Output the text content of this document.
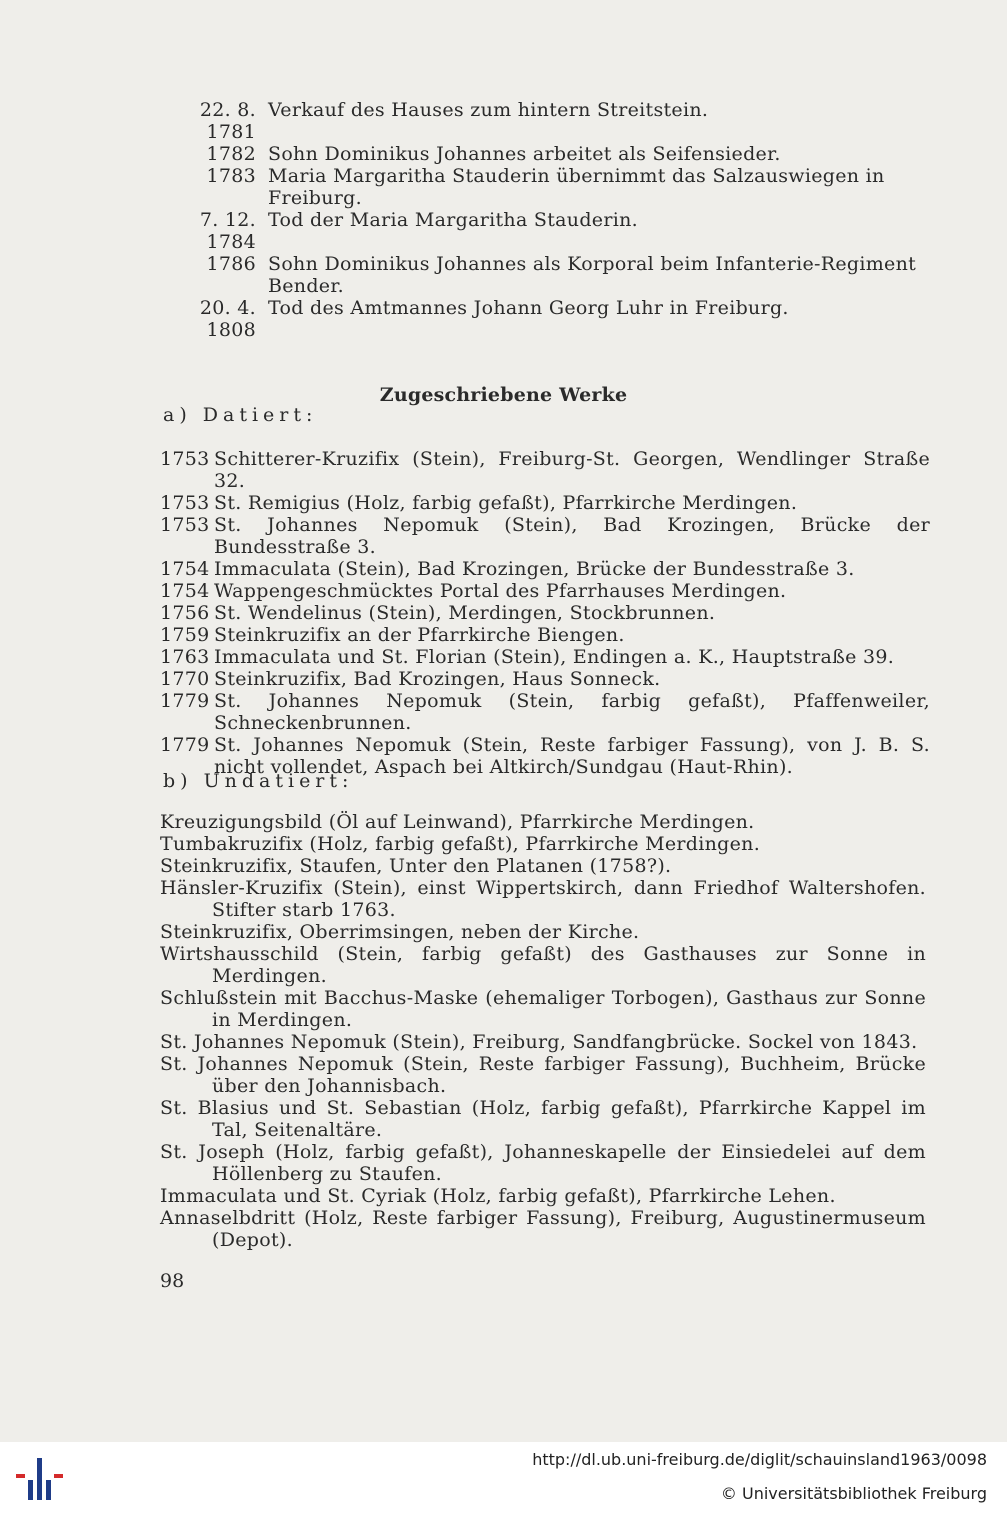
22. 8. 1781
Verkauf des Hauses zum hintern Streitstein.
1782 Sohn Dominikus Johannes arbeitet als Seifensieder.
1783 Maria Margaritha Stauderin übernimmt das Salzauswiegen in Freiburg.
7. 12. 1784
Tod der Maria Margaritha Stauderin.
1786 Sohn Dominikus Johannes als Korporal beim Infanterie-Regiment Bender.
20. 4. 1808
Tod des Amtmannes Johann Georg Luhr in Freiburg.
Zugeschriebene Werke
a) Datiert:
1753 Schitterer-Kruzifix (Stein), Freiburg-St. Georgen, Wendlinger Straße 32.
1753 St. Remigius (Holz, farbig gefaßt), Pfarrkirche Merdingen.
1753 St. Johannes Nepomuk (Stein), Bad Krozingen, Brücke der Bundesstraße 3.
1754 Immaculata (Stein), Bad Krozingen, Brücke der Bundesstraße 3.
1754 Wappengeschmücktes Portal des Pfarrhauses Merdingen.
1756 St. Wendelinus (Stein), Merdingen, Stockbrunnen.
1759 Steinkruzifix an der Pfarrkirche Biengen.
1763 Immaculata und St. Florian (Stein), Endingen a. K., Hauptstraße 39.
1770 Steinkruzifix, Bad Krozingen, Haus Sonneck.
1779 St. Johannes Nepomuk (Stein, farbig gefaßt), Pfaffenweiler, Schneckenbrunnen.
1779 St. Johannes Nepomuk (Stein, Reste farbiger Fassung), von J. B. S. nicht vollendet, Aspach bei Altkirch/Sundgau (Haut-Rhin).
b) Undatiert:
Kreuzigungsbild (Öl auf Leinwand), Pfarrkirche Merdingen.
Tumbakruzifix (Holz, farbig gefaßt), Pfarrkirche Merdingen.
Steinkruzifix, Staufen, Unter den Platanen (1758?).
Hänsler-Kruzifix (Stein), einst Wippertskirch, dann Friedhof Waltershofen. Stifter starb 1763.
Steinkruzifix, Oberrimsingen, neben der Kirche.
Wirtshausschild (Stein, farbig gefaßt) des Gasthauses zur Sonne in Merdingen.
Schlußstein mit Bacchus-Maske (ehemaliger Torbogen), Gasthaus zur Sonne in Merdingen.
St. Johannes Nepomuk (Stein), Freiburg, Sandfangbrücke. Sockel von 1843.
St. Johannes Nepomuk (Stein, Reste farbiger Fassung), Buchheim, Brücke über den Johannisbach.
St. Blasius und St. Sebastian (Holz, farbig gefaßt), Pfarrkirche Kappel im Tal, Seitenaltäre.
St. Joseph (Holz, farbig gefaßt), Johanneskapelle der Einsiedelei auf dem Höllenberg zu Staufen.
Immaculata und St. Cyriak (Holz, farbig gefaßt), Pfarrkirche Lehen.
Annaselbdritt (Holz, Reste farbiger Fassung), Freiburg, Augustinermuseum (Depot).
98
http://dl.ub.uni-freiburg.de/diglit/schauinsland1963/0098
© Universitätsbibliothek Freiburg
